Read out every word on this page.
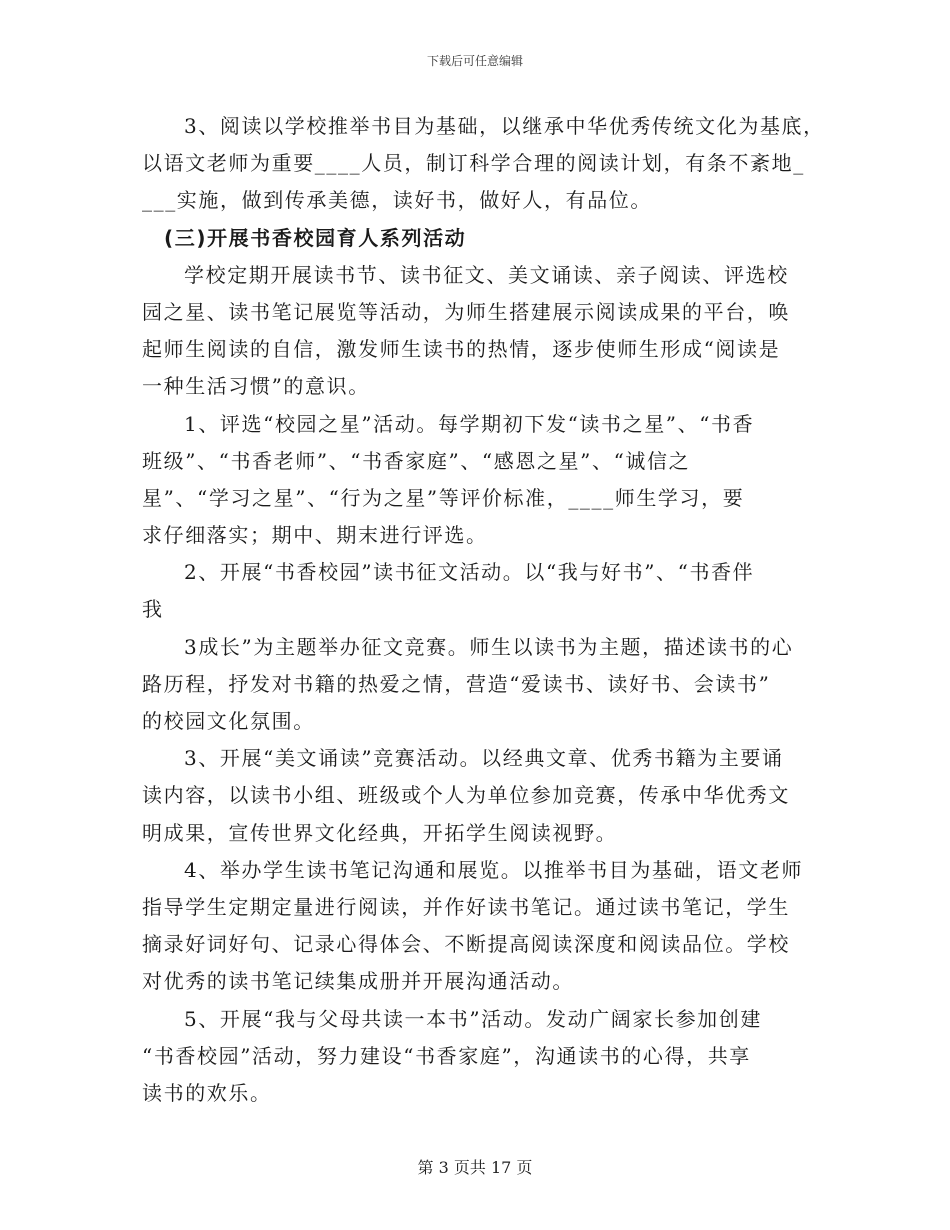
下载后可任意编辑
3、阅读以学校推举书目为基础，以继承中华优秀传统文化为基底，
以语文老师为重要____人员，制订科学合理的阅读计划，有条不紊地_
___实施，做到传承美德，读好书，做好人，有品位。
(三)开展书香校园育人系列活动
学校定期开展读书节、读书征文、美文诵读、亲子阅读、评选校
园之星、读书笔记展览等活动，为师生搭建展示阅读成果的平台，唤
起师生阅读的自信，激发师生读书的热情，逐步使师生形成“阅读是
一种生活习惯”的意识。
1、评选“校园之星”活动。每学期初下发“读书之星”、“书香
班级”、“书香老师”、“书香家庭”、“感恩之星”、“诚信之
星”、“学习之星”、“行为之星”等评价标准，____师生学习，要
求仔细落实；期中、期末进行评选。
2、开展“书香校园”读书征文活动。以“我与好书”、“书香伴
我
3成长”为主题举办征文竞赛。师生以读书为主题，描述读书的心
路历程，抒发对书籍的热爱之情，营造“爱读书、读好书、会读书”
的校园文化氛围。
3、开展“美文诵读”竞赛活动。以经典文章、优秀书籍为主要诵
读内容，以读书小组、班级或个人为单位参加竞赛，传承中华优秀文
明成果，宣传世界文化经典，开拓学生阅读视野。
4、举办学生读书笔记沟通和展览。以推举书目为基础，语文老师
指导学生定期定量进行阅读，并作好读书笔记。通过读书笔记，学生
摘录好词好句、记录心得体会、不断提高阅读深度和阅读品位。学校
对优秀的读书笔记续集成册并开展沟通活动。
5、开展“我与父母共读一本书”活动。发动广阔家长参加创建
“书香校园”活动，努力建设“书香家庭”，沟通读书的心得，共享
读书的欢乐。
第 3 页共 17 页
